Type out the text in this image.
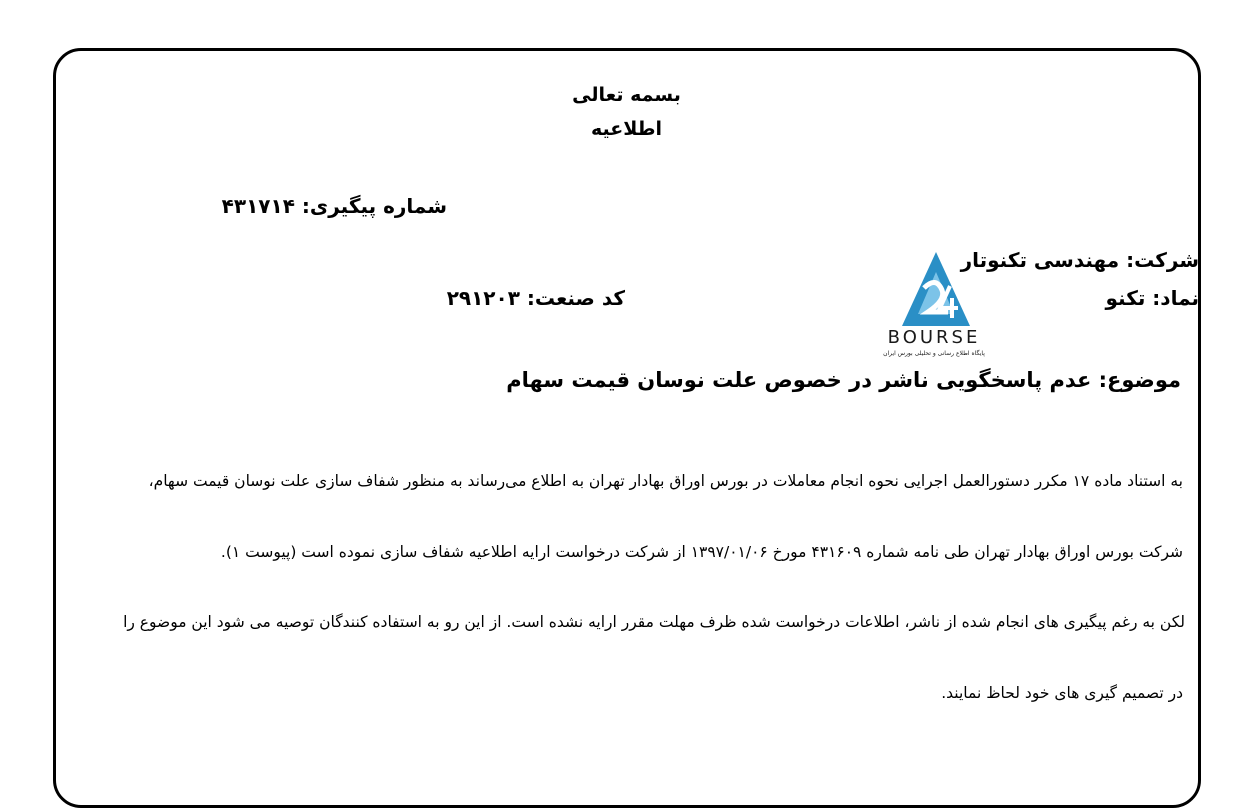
بسمه تعالی
اطلاعیه
شماره پیگیری: ۴۳۱۷۱۴
شرکت: مهندسی تکنوتار
نماد: تکنو
کد صنعت: ۲۹۱۲۰۳
BOURSE
پایگاه اطلاع رسانی و تحلیلی بورس ایران
موضوع: عدم پاسخگویی ناشر در خصوص علت نوسان قیمت سهام
به استناد ماده ۱۷ مکرر دستورالعمل اجرایی نحوه انجام معاملات در بورس اوراق بهادار تهران به اطلاع می‌رساند به منظور شفاف سازی علت نوسان قیمت سهام،
شرکت بورس اوراق بهادار تهران طی نامه شماره ۴۳۱۶۰۹ مورخ ۱۳۹۷/۰۱/۰۶ از شرکت درخواست ارایه اطلاعیه شفاف سازی نموده است (پیوست ۱).
لکن به رغم پیگیری های انجام شده از ناشر، اطلاعات درخواست شده ظرف مهلت مقرر ارایه نشده است. از این رو به استفاده کنندگان توصیه می شود این موضوع را
در تصمیم گیری های خود لحاظ نمایند.
